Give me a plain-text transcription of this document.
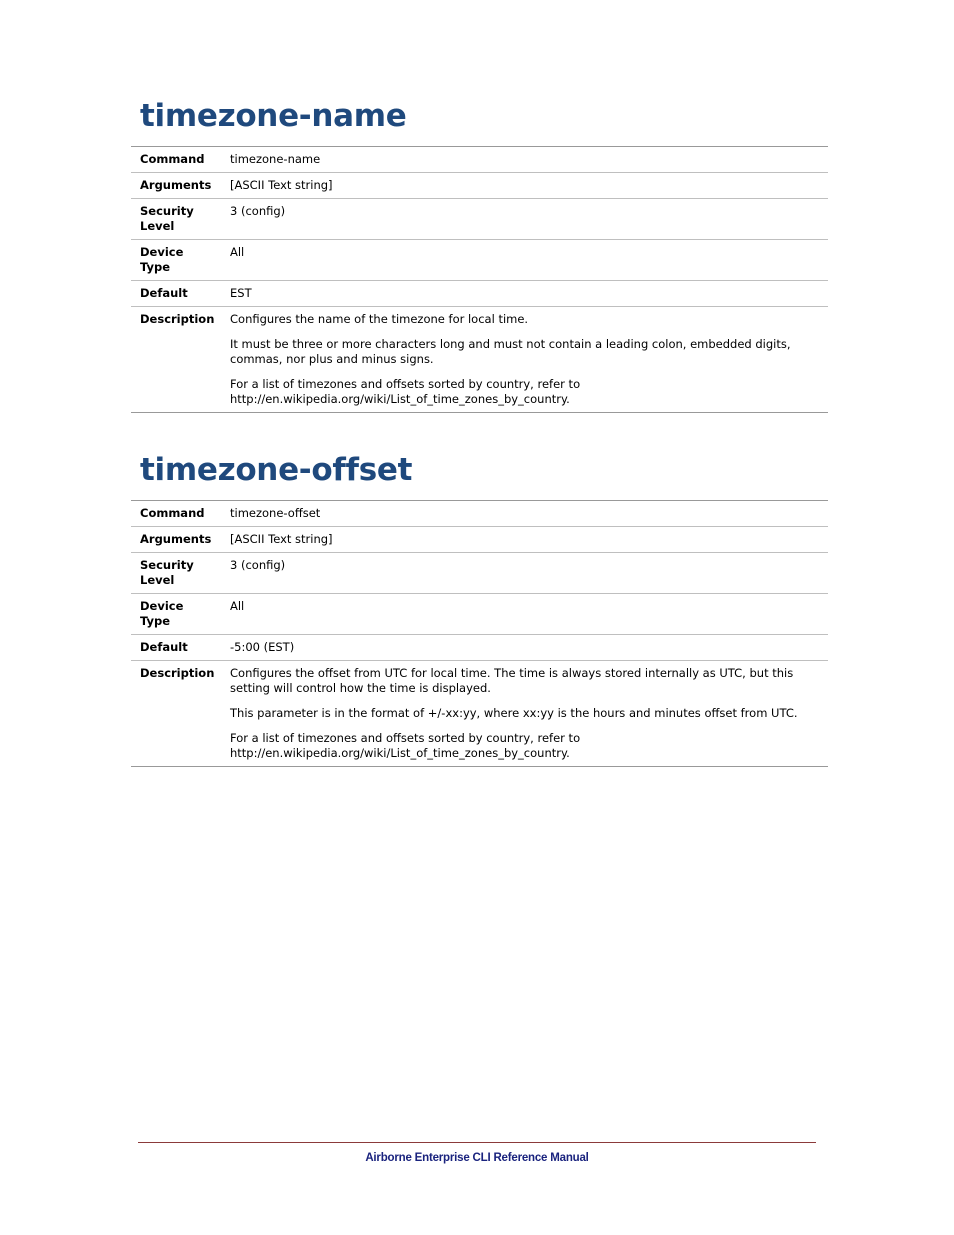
timezone-name
Command	timezone-name
Arguments	[ASCII Text string]
Security
Level	3 (config)
Device Type	All
Default	EST
Description	Configures the name of the timezone for local time.

It must be three or more characters long and must not contain a leading colon, embedded digits, commas, nor plus and minus signs.

For a list of timezones and offsets sorted by country, refer to http://en.wikipedia.org/wiki/List_of_time_zones_by_country.

timezone-offset
Command	timezone-offset
Arguments	[ASCII Text string]
Security
Level	3 (config)
Device Type	All
Default	-5:00 (EST)
Description	Configures the offset from UTC for local time. The time is always stored internally as UTC, but this setting will control how the time is displayed.

This parameter is in the format of +/-xx:yy, where xx:yy is the hours and minutes offset from UTC.

For a list of timezones and offsets sorted by country, refer to http://en.wikipedia.org/wiki/List_of_time_zones_by_country.

Airborne Enterprise CLI Reference Manual
